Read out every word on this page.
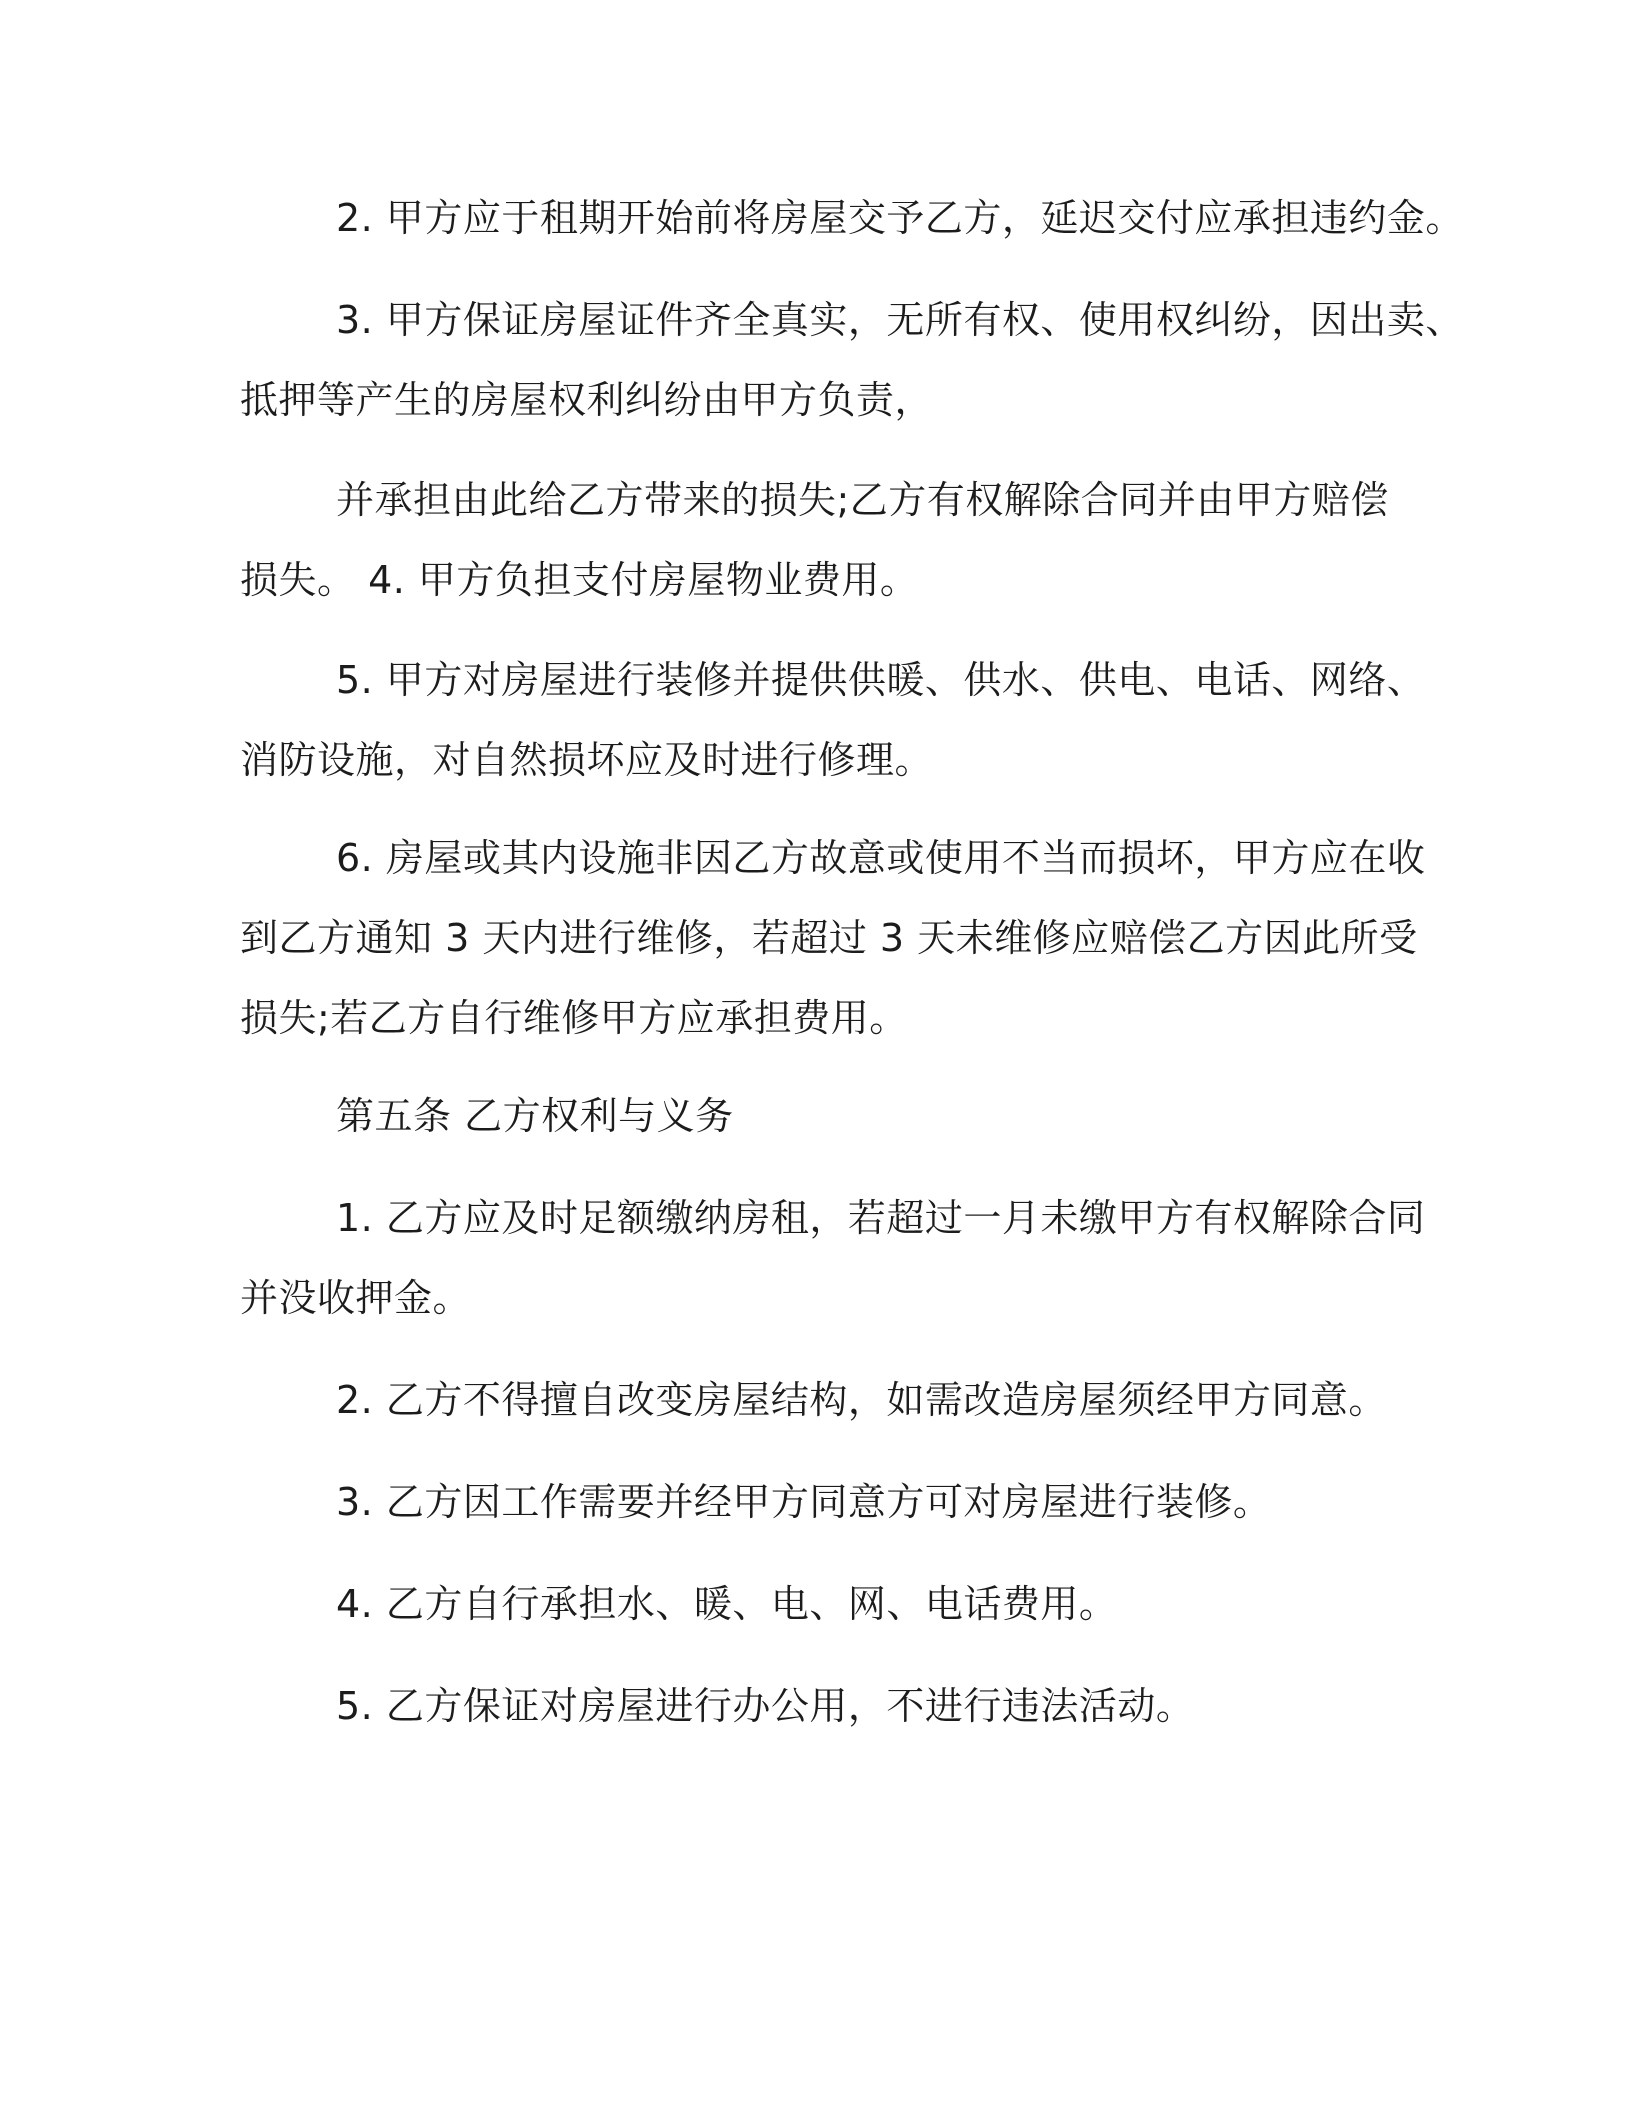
2. 甲方应于租期开始前将房屋交予乙方，延迟交付应承担违约金。

3. 甲方保证房屋证件齐全真实，无所有权、使用权纠纷，因出卖、
抵押等产生的房屋权利纠纷由甲方负责，

并承担由此给乙方带来的损失;乙方有权解除合同并由甲方赔偿
损失。 4. 甲方负担支付房屋物业费用。

5. 甲方对房屋进行装修并提供供暖、供水、供电、电话、网络、
消防设施，对自然损坏应及时进行修理。

6. 房屋或其内设施非因乙方故意或使用不当而损坏，甲方应在收
到乙方通知 3 天内进行维修，若超过 3 天未维修应赔偿乙方因此所受
损失;若乙方自行维修甲方应承担费用。

第五条 乙方权利与义务

1. 乙方应及时足额缴纳房租，若超过一月未缴甲方有权解除合同
并没收押金。

2. 乙方不得擅自改变房屋结构，如需改造房屋须经甲方同意。

3. 乙方因工作需要并经甲方同意方可对房屋进行装修。

4. 乙方自行承担水、暖、电、网、电话费用。

5. 乙方保证对房屋进行办公用，不进行违法活动。
